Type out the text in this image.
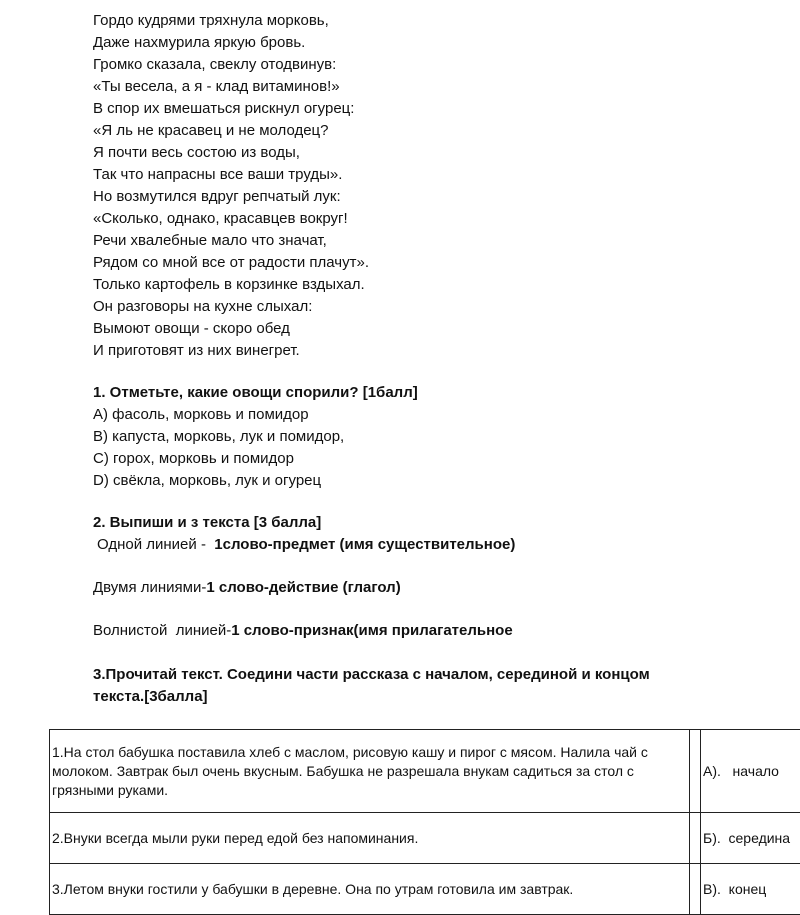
Гордо кудрями тряхнула морковь,
Даже нахмурила яркую бровь.
Громко сказала, свеклу отодвинув:
«Ты весела, а я - клад витаминов!»
В спор их вмешаться рискнул огурец:
«Я ль не красавец и не молодец?
Я почти весь состою из воды,
Так что напрасны все ваши труды».
Но возмутился вдруг репчатый лук:
«Сколько, однако, красавцев вокруг!
Речи хвалебные мало что значат,
Рядом со мной все от радости плачут».
Только картофель в корзинке вздыхал.
Он разговоры на кухне слыхал:
Вымоют овощи - скоро обед
И приготовят из них винегрет.
1. Отметьте, какие овощи спорили? [1балл]
А) фасоль, морковь и помидор
В) капуста, морковь, лук и помидор,
С) горох, морковь и помидор
D) свёкла, морковь, лук и огурец
2. Выпиши и з текста [3 балла]
Одной линией -  1слово-предмет (имя существительное)
Двумя линиями-1 слово-действие (глагол)
Волнистой  линией-1 слово-признак(имя прилагательное
3.Прочитай текст. Соедини части рассказа с началом, серединой и концом
текста.[3балла]
1.На стол бабушка поставила хлеб с маслом, рисовую кашу и пирог с мясом. Налила чай с молоком. Завтрак был очень вкусным. Бабушка не разрешала внукам садиться за стол с грязными руками.		А).   начало
2.Внуки всегда мыли руки перед едой без напоминания.		Б).  середина
3.Летом внуки гостили у бабушки в деревне. Она по утрам готовила им завтрак.		В).  конец
